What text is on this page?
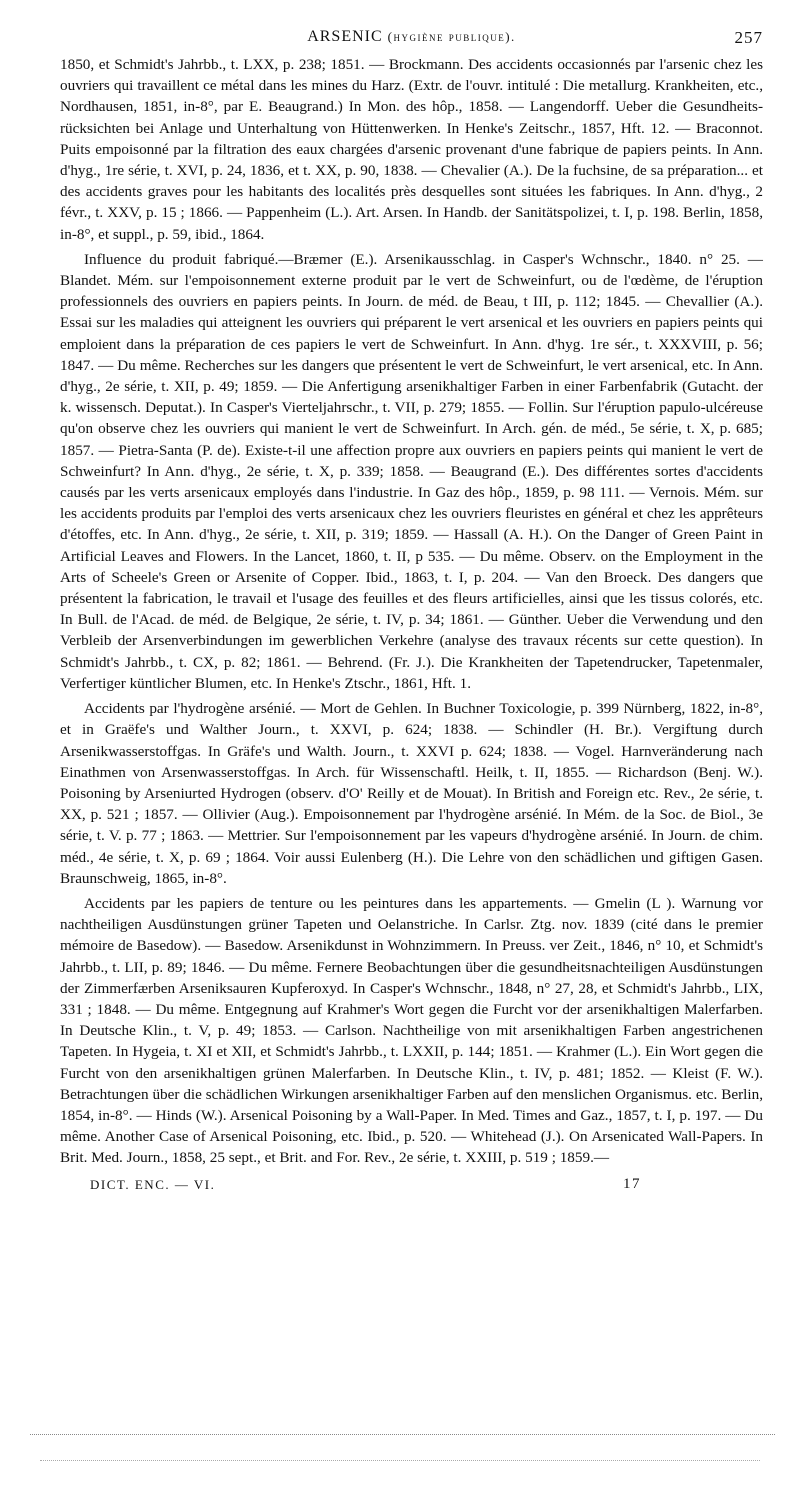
ARSENIC (hygiène publique).	257

1850, et Schmidt's Jahrbb., t. LXX, p. 238; 1851. — Brockmann. Des accidents occasionnés par l'arsenic chez les ouvriers qui travaillent ce métal dans les mines du Harz. (Extr. de l'ouvr. intitulé : Die metallurg. Krankheiten, etc., Nordhausen, 1851, in-8°, par E. Beaugrand.) In Mon. des hôp., 1858. — Langendorff. Ueber die Gesundheits-rücksichten bei Anlage und Unterhaltung von Hüttenwerken. In Henke's Zeitschr., 1857, Hft. 12. — Braconnot. Puits empoisonné par la filtration des eaux chargées d'arsenic provenant d'une fabrique de papiers peints. In Ann. d'hyg., 1re série, t. XVI, p. 24, 1836, et t. XX, p. 90, 1838. — Chevalier (A.). De la fuchsine, de sa préparation... et des accidents graves pour les habitants des localités près desquelles sont situées les fabriques. In Ann. d'hyg., 2 févr., t. XXV, p. 15 ; 1866. — Pappenheim (L.). Art. Arsen. In Handb. der Sanitätspolizei, t. I, p. 198. Berlin, 1858, in-8°, et suppl., p. 59, ibid., 1864.

Influence du produit fabriqué.—Bræmer (E.). Arsenikausschlag. in Casper's Wchnschr., 1840. n° 25. — Blandet. Mém. sur l'empoisonnement externe produit par le vert de Schweinfurt, ou de l'œdème, de l'éruption professionnels des ouvriers en papiers peints. In Journ. de méd. de Beau, t III, p. 112; 1845. — Chevallier (A.). Essai sur les maladies qui atteignent les ouvriers qui préparent le vert arsenical et les ouvriers en papiers peints qui emploient dans la préparation de ces papiers le vert de Schweinfurt. In Ann. d'hyg. 1re sér., t. XXXVIII, p. 56; 1847. — Du même. Recherches sur les dangers que présentent le vert de Schweinfurt, le vert arsenical, etc. In Ann. d'hyg., 2e série, t. XII, p. 49; 1859. — Die Anfertigung arsenikhaltiger Farben in einer Farbenfabrik (Gutacht. der k. wissensch. Deputat.). In Casper's Vierteljahrschr., t. VII, p. 279; 1855. — Follin. Sur l'éruption papulo-ulcéreuse qu'on observe chez les ouvriers qui manient le vert de Schweinfurt. In Arch. gén. de méd., 5e série, t. X, p. 685; 1857. — Pietra-Santa (P. de). Existe-t-il une affection propre aux ouvriers en papiers peints qui manient le vert de Schweinfurt? In Ann. d'hyg., 2e série, t. X, p. 339; 1858. — Beaugrand (E.). Des différentes sortes d'accidents causés par les verts arsenicaux employés dans l'industrie. In Gaz des hôp., 1859, p. 98 111. — Vernois. Mém. sur les accidents produits par l'emploi des verts arsenicaux chez les ouvriers fleuristes en général et chez les apprêteurs d'étoffes, etc. In Ann. d'hyg., 2e série, t. XII, p. 319; 1859. — Hassall (A. H.). On the Danger of Green Paint in Artificial Leaves and Flowers. In the Lancet, 1860, t. II, p 535. — Du même. Observ. on the Employment in the Arts of Scheele's Green or Arsenite of Copper. Ibid., 1863, t. I, p. 204. — Van den Broeck. Des dangers que présentent la fabrication, le travail et l'usage des feuilles et des fleurs artificielles, ainsi que les tissus colorés, etc. In Bull. de l'Acad. de méd. de Belgique, 2e série, t. IV, p. 34; 1861. — Günther. Ueber die Verwendung und den Verbleib der Arsenverbindungen im gewerblichen Verkehre (analyse des travaux récents sur cette question). In Schmidt's Jahrbb., t. CX, p. 82; 1861. — Behrend. (Fr. J.). Die Krankheiten der Tapetendrucker, Tapetenmaler, Verfertiger küntlicher Blumen, etc. In Henke's Ztschr., 1861, Hft. 1.

Accidents par l'hydrogène arsénié. — Mort de Gehlen. In Buchner Toxicologie, p. 399 Nürnberg, 1822, in-8°, et in Graëfe's und Walther Journ., t. XXVI, p. 624; 1838. — Schindler (H. Br.). Vergiftung durch Arsenikwasserstoffgas. In Gräfe's und Walth. Journ., t. XXVI p. 624; 1838. — Vogel. Harnveränderung nach Einathmen von Arsenwasserstoffgas. In Arch. für Wissenschaftl. Heilk, t. II, 1855. — Richardson (Benj. W.). Poisoning by Arseniurted Hydrogen (observ. d'O' Reilly et de Mouat). In British and Foreign etc. Rev., 2e série, t. XX, p. 521 ; 1857. — Ollivier (Aug.). Empoisonnement par l'hydrogène arsénié. In Mém. de la Soc. de Biol., 3e série, t. V. p. 77 ; 1863. — Mettrier. Sur l'empoisonnement par les vapeurs d'hydrogène arsénié. In Journ. de chim. méd., 4e série, t. X, p. 69 ; 1864. Voir aussi Eulenberg (H.). Die Lehre von den schädlichen und giftigen Gasen. Braunschweig, 1865, in-8°.

Accidents par les papiers de tenture ou les peintures dans les appartements. — Gmelin (L ). Warnung vor nachtheiligen Ausdünstungen grüner Tapeten und Oelanstriche. In Carlsr. Ztg. nov. 1839 (cité dans le premier mémoire de Basedow). — Basedow. Arsenikdunst in Wohnzimmern. In Preuss. ver Zeit., 1846, n° 10, et Schmidt's Jahrbb., t. LII, p. 89; 1846. — Du même. Fernere Beobachtungen über die gesundheitsnachteiligen Ausdünstungen der Zimmerfærben Arseniksauren Kupferoxyd. In Casper's Wchnschr., 1848, n° 27, 28, et Schmidt's Jahrbb., LIX, 331 ; 1848. — Du même. Entgegnung auf Krahmer's Wort gegen die Furcht vor der arsenikhaltigen Malerfarben. In Deutsche Klin., t. V, p. 49; 1853. — Carlson. Nachtheilige von mit arsenikhaltigen Farben angestrichenen Tapeten. In Hygeia, t. XI et XII, et Schmidt's Jahrbb., t. LXXII, p. 144; 1851. — Krahmer (L.). Ein Wort gegen die Furcht von den arsenikhaltigen grünen Malerfarben. In Deutsche Klin., t. IV, p. 481; 1852. — Kleist (F. W.). Betrachtungen über die schädlichen Wirkungen arsenikhaltiger Farben auf den menslichen Organismus. etc. Berlin, 1854, in-8°. — Hinds (W.). Arsenical Poisoning by a Wall-Paper. In Med. Times and Gaz., 1857, t. I, p. 197. — Du même. Another Case of Arsenical Poisoning, etc. Ibid., p. 520. — Whitehead (J.). On Arsenicated Wall-Papers. In Brit. Med. Journ., 1858, 25 sept., et Brit. and For. Rev., 2e série, t. XXIII, p. 519 ; 1859.—

DICT. ENC. — VI.	17
